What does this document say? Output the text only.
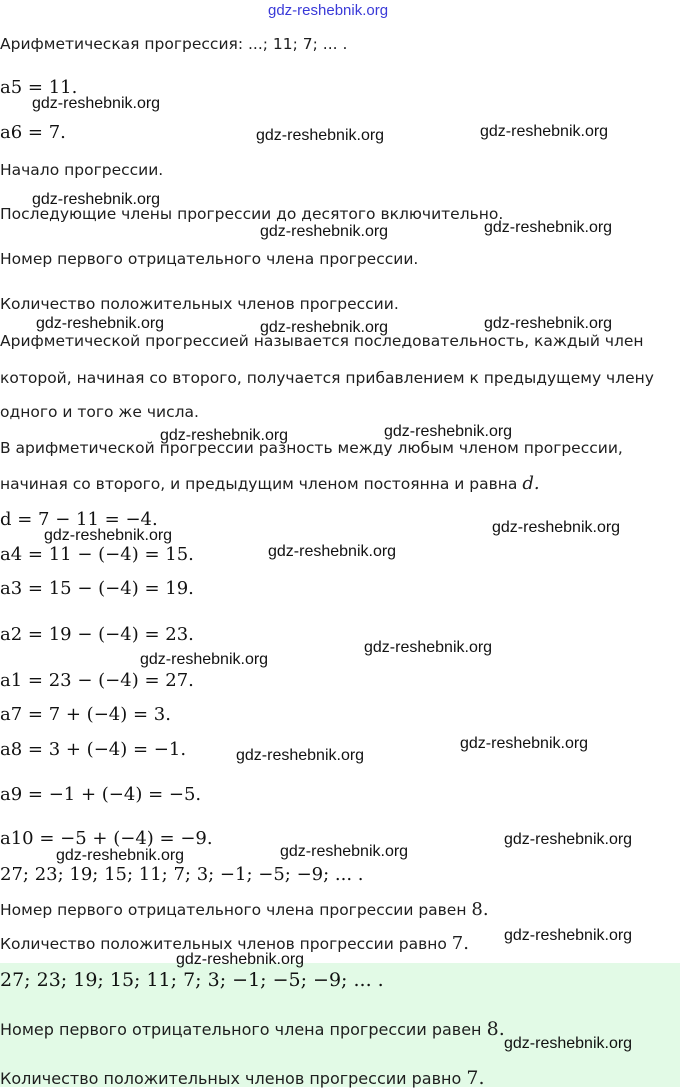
gdz-reshebnik.org
Арифметическая прогрессия: ...; 11; 7; ... .
a5 = 11.
a6 = 7.
Начало прогрессии.
Последующие члены прогрессии до десятого включительно.
Номер первого отрицательного члена прогрессии.
Количество положительных членов прогрессии.
Арифметической прогрессией называется последовательность, каждый член
которой, начиная со второго, получается прибавлением к предыдущему члену
одного и того же числа.
В арифметической прогрессии разность между любым членом прогрессии,
начиная со второго, и предыдущим членом постоянна и равна d.
d = 7 − 11 = −4.
a4 = 11 − (−4) = 15.
a3 = 15 − (−4) = 19.
a2 = 19 − (−4) = 23.
a1 = 23 − (−4) = 27.
a7 = 7 + (−4) = 3.
a8 = 3 + (−4) = −1.
a9 = −1 + (−4) = −5.
a10 = −5 + (−4) = −9.
27; 23; 19; 15; 11; 7; 3; −1; −5; −9; ... .
Номер первого отрицательного члена прогрессии равен 8.
Количество положительных членов прогрессии равно 7.
27; 23; 19; 15; 11; 7; 3; −1; −5; −9; ... .
Номер первого отрицательного члена прогрессии равен 8.
Количество положительных членов прогрессии равно 7.
gdz-reshebnik.org
gdz-reshebnik.org	gdz-reshebnik.org
gdz-reshebnik.org
gdz-reshebnik.org	gdz-reshebnik.org
gdz-reshebnik.org	gdz-reshebnik.org	gdz-reshebnik.org
gdz-reshebnik.org	gdz-reshebnik.org
gdz-reshebnik.org
gdz-reshebnik.org
gdz-reshebnik.org
gdz-reshebnik.org
gdz-reshebnik.org
gdz-reshebnik.org
gdz-reshebnik.org
gdz-reshebnik.org
gdz-reshebnik.org
gdz-reshebnik.org
gdz-reshebnik.org
gdz-reshebnik.org
gdz-reshebnik.org
